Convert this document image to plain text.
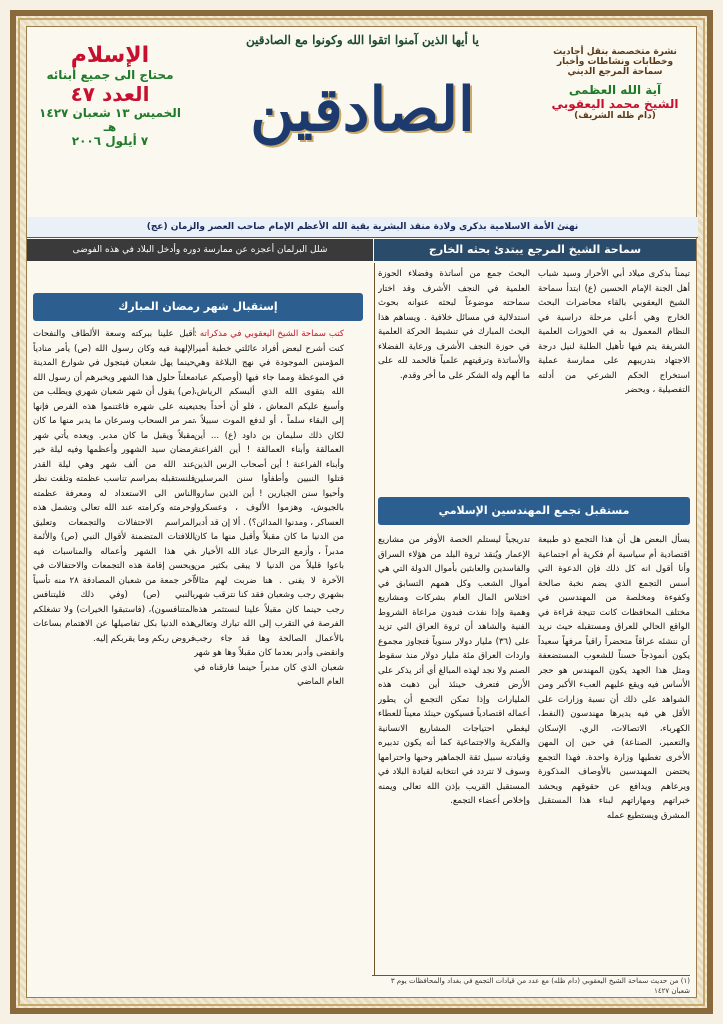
الإسلام
محتاج الى جميع أبنائه
العدد ٤٧
الخميس ١٣ شعبان ١٤٢٧ هـ
٧ أيلول ٢٠٠٦
يا أيها الذين آمنوا اتقوا الله وكونوا مع الصادقين
الصادقين
نشرة متخصصة بنقل أحاديث
وخطابات ونشاطات وأخبار
سماحة المرجع الديني
آية الله العظمى
الشيخ محمد اليعقوبي
(دام ظله الشريف)
نهنئ الأمة الاسلامية بذكرى ولادة منقذ البشرية بقية الله الأعظم الإمام صاحب العصر والزمان (عج)
سماحة الشيخ المرجع يبتدئ بحثه الخارج
شلل البرلمان أعجزه عن ممارسة دوره وأدخل البلاد في هذه الفوضى
تيمناً بذكرى ميلاد أبي الأحرار وسيد شباب أهل الجنة الإمام الحسين (ع) ابتدأ سماحة الشيخ اليعقوبي بالقاء محاضرات البحث الخارج وهي أعلى مرحلة دراسية في النظام المعمول به في الحوزات العلمية الشريفة يتم فيها تأهيل الطلبة لنيل درجة الاجتهاد بتدريبهم على ممارسة عملية استخراج الحكم الشرعي من أدلته التفصيلية ، ويحضر
البحث جمع من أساتذة وفضلاء الحوزة العلمية في النجف الأشرف وقد اختار سماحته موضوعاً لبحثه عنوانه بحوث استدلالية في مسائل خلافية . ويساهم هذا البحث المبارك في تنشيط الحركة العلمية في حوزة النجف الأشرف ورعاية الفضلاء والأساتذة وترقيتهم علمياً فالحمد لله على ما ألهم وله الشكر على ما أخر وقدم.
مستقبل تجمع المهندسين الإسلامي
يسأل البعض هل أن هذا التجمع ذو طبيعة اقتصادية أم سياسية أم فكرية أم اجتماعية وأنا أقول انه كل ذلك فإن الدعوة التي أسس التجمع الذي يضم نخبة صالحة وكفوءة ومخلصة من المهندسين في مختلف المحافظات كانت تتيجة قراءة في الواقع الحالي للعراق ومستقبله حيث نريد أن ننشئه عراقاً متحضراً راقياً مرفهاً سعيداً يكون أنموذجاً حسناً للشعوب المستضعفة ومثل هذا الجهد يكون المهندس هو حجر الأساس فيه ويقع عليهم العبء الأكبر ومن الشواهد على ذلك أن نسبة وزارات على الأقل هي فيه يديرها مهندسون (النفط، الكهرباء، الاتصالات، الري، الإسكان والتعمير، الصناعة) في حين إن المهن الأخرى تغطيها وزارة واحدة. فهذا التجمع يحتضن المهندسين بالأوصاف المذكورة ويرعاهم ويدافع عن حقوقهم ويحشد خبراتهم ومهاراتهم لبناء هذا المستقبل المشرق ويستطيع عمله
تدريجياً ليستلم الحصة الأوفر من مشاريع الإعمار ويُنقذ ثروة البلد من هؤلاء السراق والفاسدين والعابثين بأموال الدولة التي هي أموال الشعب وكل همهم التسابق في اختلاس المال العام بشركات ومشاريع وهمية وإذا نفذت فبدون مراعاة الشروط الفنية والشاهد أن ثروة العراق التي تزيد على (٣٦) مليار دولار سنوياً فتجاوز مجموع واردات العراق مئة مليار دولار منذ سقوط الصنم ولا نجد لهذه المبالغ أي أثر يذكر على الأرض فتعرف حينئذ أين ذهبت هذه المليارات وإذا تمكن التجمع أن يطور أعماله اقتصادياً فسيكون حينئذ معيناً للعطاء ليغطي احتياجات المشاريع الانسانية والفكرية والاجتماعية كما أنه يكون تدبيره وقيادته سبيل ثقة الجماهير وحبها واحترامها وسوف لا تتردد في انتخابه لقيادة البلاد في المستقبل القريب بإذن الله تعالى ويمنه وإخلاص أعضاء التجمع.
إستقبال شهر رمضان المبارك
كتب سماحة الشيخ اليعقوبي في مذكراته : كنت أشرح لبعض أفراد عائلتي خطبة أمير المؤمنين الموجودة في نهج البلاغة وهي في الموعظة ومما جاء فيها (أوصيكم عباد الله بتقوى الله الذي ألبسكم الرياش، وأسبغ عليكم المعاش ، فلو أن أحداً يجد إلى البقاء سلماً ، أو لدفع الموت سبيلاً ، لكان ذلك سليمان بن داود (ع) ... أين العمالقة وأبناء العمالقة ! أين الفراعنة وأبناء الفراعنة ! أين أصحاب الرس الذين قتلوا النبيين وأطفأوا سنن المرسلين وأحيوا سنن الجبارين ! أين الذين ساروا بالجيوش، وهزموا الألوف ، وعسكروا العساكر ، ومدنوا المدائن؟) . ألا إن قد أدبر من الدنيا ما كان مقبلاً وأقبل منها ما كان مدبراً ، وأزمع الترحال عباد الله الأخيار ، باعوا قليلاً من الدنيا لا يبقى بكثير من الآخرة لا يفنى . هنا ضربت لهم مثالاً بشهري رجب وشعبان فقد كنا نترقب شهر رجب حينما كان مقبلاً علينا لنستثمر هذه الفرصة في التقرب إلى الله تبارك وتعالى بالأعمال الصالحة وها قد جاء رجب وانقضى وأدبر بعدما كان مقبلاً وها هو شهر شعبان الذي كان مدبراً حينما فارقناه في العام الماضي
أقبل علينا ببركته وسعة الألطاف والنفحات الإلهية فيه وكان رسول الله (ص) يأمر منادياً حينما يهل شعبان فيتجول في شوارع المدينة معلناً حلول هذا الشهر ويخبرهم أن رسول الله (ص) يقول أن شهر شعبان شهري ويطلب من يعينه على شهره فاغتنموا هذه الفرص فإنها تمر مر السحاب وسرعان ما يدبر منها ما كان مقبلاً ويقبل ما كان مدبر. ويعده يأتي شهر رمضان سيد الشهور وأعظمها وفيه ليلة خير عند الله من ألف شهر وهي ليلة القدر فلنستقبله بمراسم تناسب عظمته وتلفت نظر الناس الى الاستعداد له ومعرفة عظمته وحرمته وكرامته عند الله تعالى وتشمل هذه المراسم الاحتفالات والتجمعات وتعليق اللافتات المتضمنة لأقوال النبي (ص) والأئمة في هذا الشهر وأعماله والمناسبات فيه ويحسن إقامة هذه التجمعات والاحتفالات في آخر جمعة من شعبان المصادفة ٢٨ منه تأسياً بالنبي (ص) (وفي ذلك فليتنافس المتنافسون)، (فاستبقوا الخيرات) ولا تشغلكم هذه الدنيا بكل تفاصيلها عن الاهتمام بساعات فروض ربكم وما يقربكم إليه.
(١) من حديث سماحة الشيخ اليعقوبي (دام ظله) مع عدد من قيادات التجمع في بغداد والمحافظات يوم ٣ شعبان ١٤٢٧
